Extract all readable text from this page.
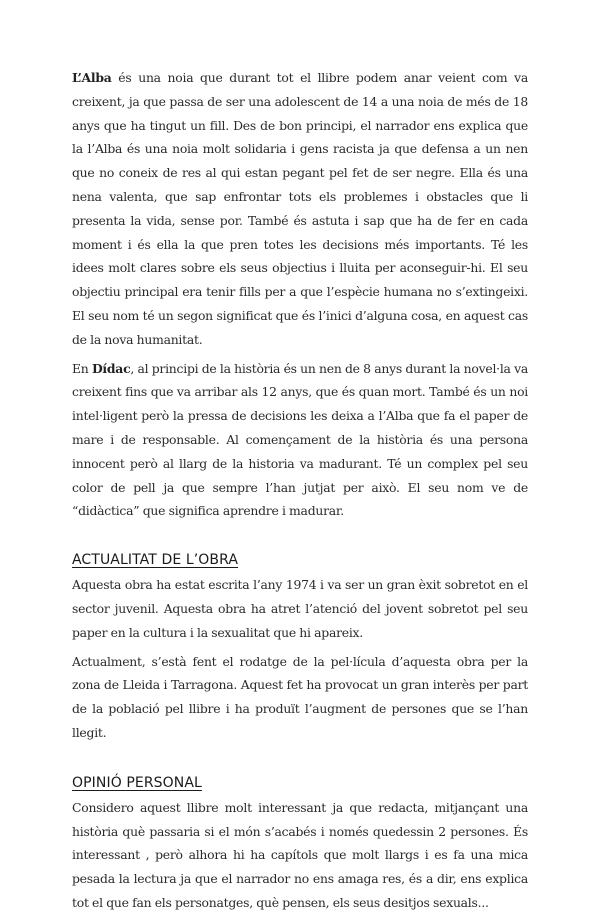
L’Alba és una noia que durant tot el llibre podem anar veient com va creixent, ja que passa de ser una adolescent de 14 a una noia de més de 18 anys que ha tingut un fill. Des de bon principi, el narrador ens explica que la l’Alba és una noia molt solidaria i gens racista ja que defensa a un nen que no coneix de res al qui estan pegant pel fet de ser negre. Ella és una nena valenta, que sap enfrontar tots els problemes i obstacles que li presenta la vida, sense por. També és astuta i sap que ha de fer en cada moment i és ella la que pren totes les decisions més importants. Té les idees molt clares sobre els seus objectius i lluita per aconseguir-hi. El seu objectiu principal era tenir fills per a que l’espècie humana no s’extingeixi. El seu nom té un segon significat que és l’inici d’alguna cosa, en aquest cas de la nova humanitat.

En Dídac, al principi de la història és un nen de 8 anys durant la novel·la va creixent fins que va arribar als 12 anys, que és quan mort. També és un noi intel·ligent però la pressa de decisions les deixa a l’Alba que fa el paper de mare i de responsable. Al començament de la història és una persona innocent però al llarg de la historia va madurant. Té un complex pel seu color de pell ja que sempre l’han jutjat per això. El seu nom ve de “didàctica” que significa aprendre i madurar.

ACTUALITAT DE L’OBRA

Aquesta obra ha estat escrita l’any 1974 i va ser un gran èxit sobretot en el sector juvenil. Aquesta obra ha atret l’atenció del jovent sobretot pel seu paper en la cultura i la sexualitat que hi apareix.

Actualment, s’està fent el rodatge de la pel·lícula d’aquesta obra per la zona de Lleida i Tarragona. Aquest fet ha provocat un gran interès per part de la població pel llibre i ha produït l’augment de persones que se l’han llegit.

OPINIÓ PERSONAL

Considero aquest llibre molt interessant ja que redacta, mitjançant una història què passaria si el món s’acabés i només quedessin 2 persones. És interessant , però alhora hi ha capítols que molt llargs i es fa una mica pesada la lectura ja que el narrador no ens amaga res, és a dir, ens explica tot el que fan els personatges, què pensen, els seus desitjos sexuals...
